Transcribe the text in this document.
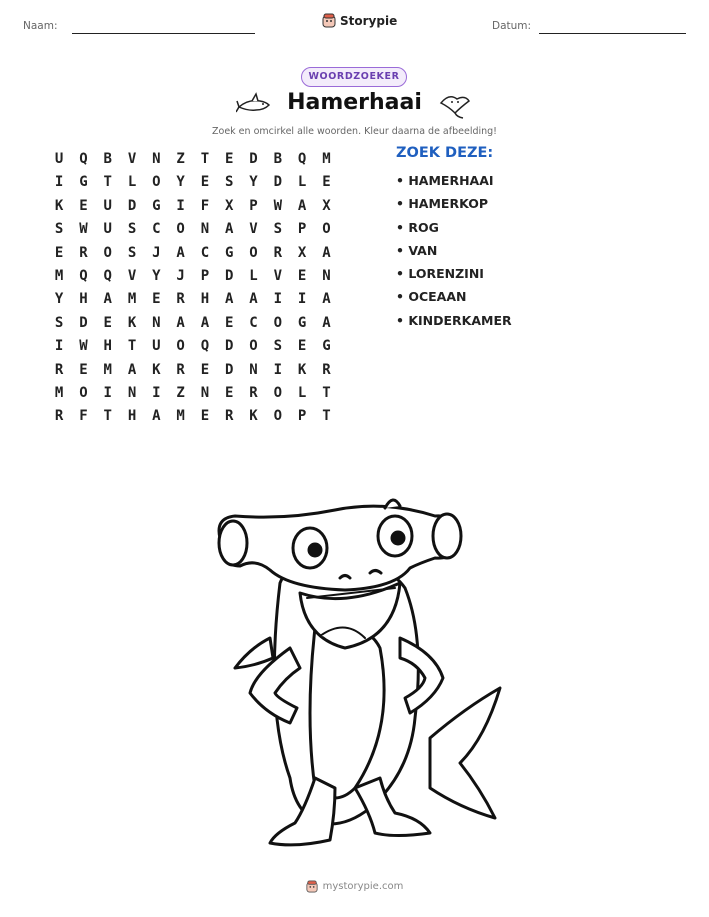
Naam:	Storypie	Datum:
WOORDZOEKER
Hamerhaai
Zoek en omcirkel alle woorden. Kleur daarna de afbeelding!
U	Q	B	V	N	Z	T	E	D	B	Q	M
I	G	T	L	O	Y	E	S	Y	D	L	E
K	E	U	D	G	I	F	X	P	W	A	X
S	W	U	S	C	O	N	A	V	S	P	O
E	R	O	S	J	A	C	G	O	R	X	A
M	Q	Q	V	Y	J	P	D	L	V	E	N
Y	H	A	M	E	R	H	A	A	I	I	A
S	D	E	K	N	A	A	E	C	O	G	A
I	W	H	T	U	O	Q	D	O	S	E	G
R	E	M	A	K	R	E	D	N	I	K	R
M	O	I	N	I	Z	N	E	R	O	L	T
R	F	T	H	A	M	E	R	K	O	P	T
ZOEK DEZE:
• HAMERHAAI
• HAMERKOP
• ROG
• VAN
• LORENZINI
• OCEAAN
• KINDERKAMER
mystorypie.com
